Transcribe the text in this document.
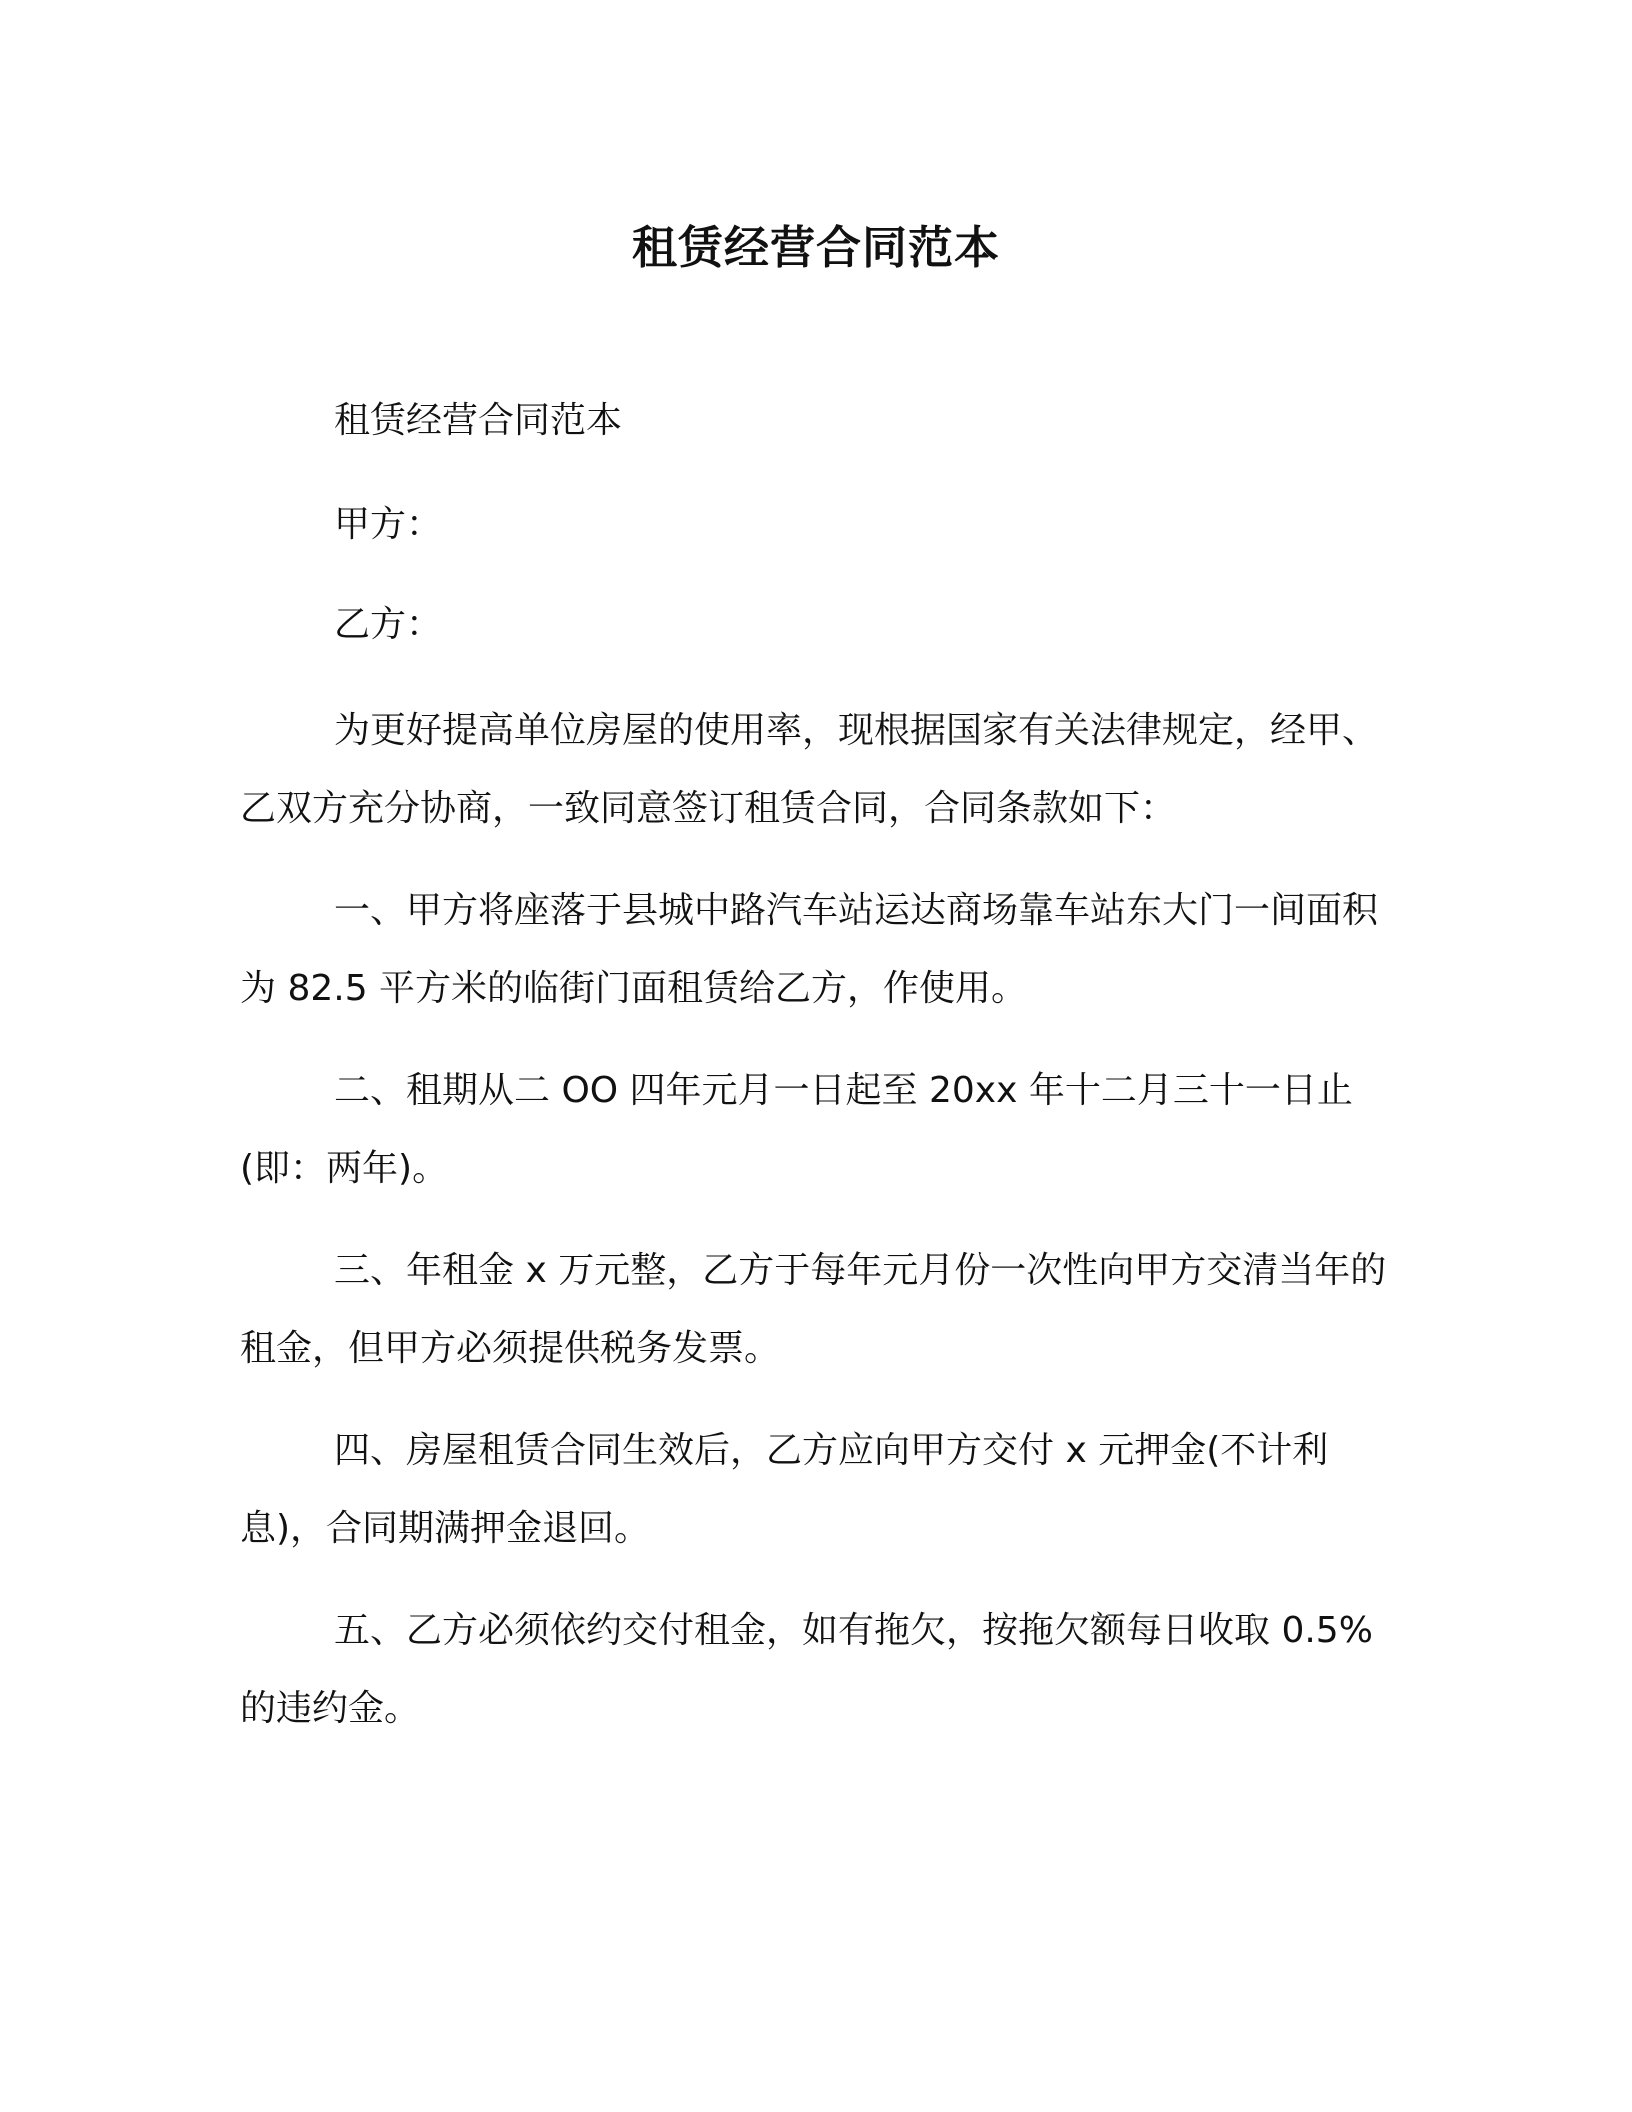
租赁经营合同范本

租赁经营合同范本

甲方：

乙方：

为更好提高单位房屋的使用率，现根据国家有关法律规定，经甲、乙双方充分协商，一致同意签订租赁合同，合同条款如下：

一、甲方将座落于县城中路汽车站运达商场靠车站东大门一间面积为 82.5 平方米的临街门面租赁给乙方，作使用。

二、租期从二 OO 四年元月一日起至 20xx 年十二月三十一日止(即：两年)。

三、年租金 x 万元整，乙方于每年元月份一次性向甲方交清当年的租金，但甲方必须提供税务发票。

四、房屋租赁合同生效后，乙方应向甲方交付 x 元押金(不计利息)，合同期满押金退回。

五、乙方必须依约交付租金，如有拖欠，按拖欠额每日收取 0.5%的违约金。
